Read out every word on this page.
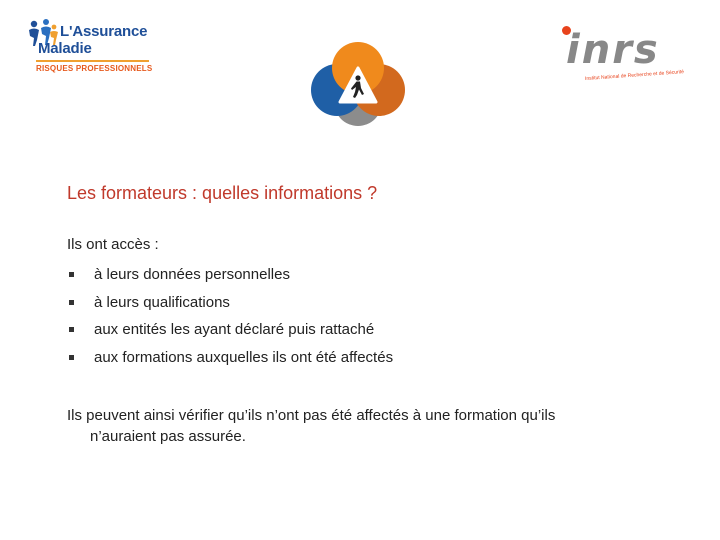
L'Assurance
Maladie
RISQUES PROFESSIONNELS	inrs
Institut National de Recherche et de Sécurité
Les formateurs : quelles informations ?
Ils ont accès :
à leurs données personnelles
à leurs qualifications
aux entités les ayant déclaré puis rattaché
aux formations auxquelles ils ont été affectés
Ils peuvent ainsi vérifier qu’ils n’ont pas été affectés à une formation qu’ils
n’auraient pas assurée.
